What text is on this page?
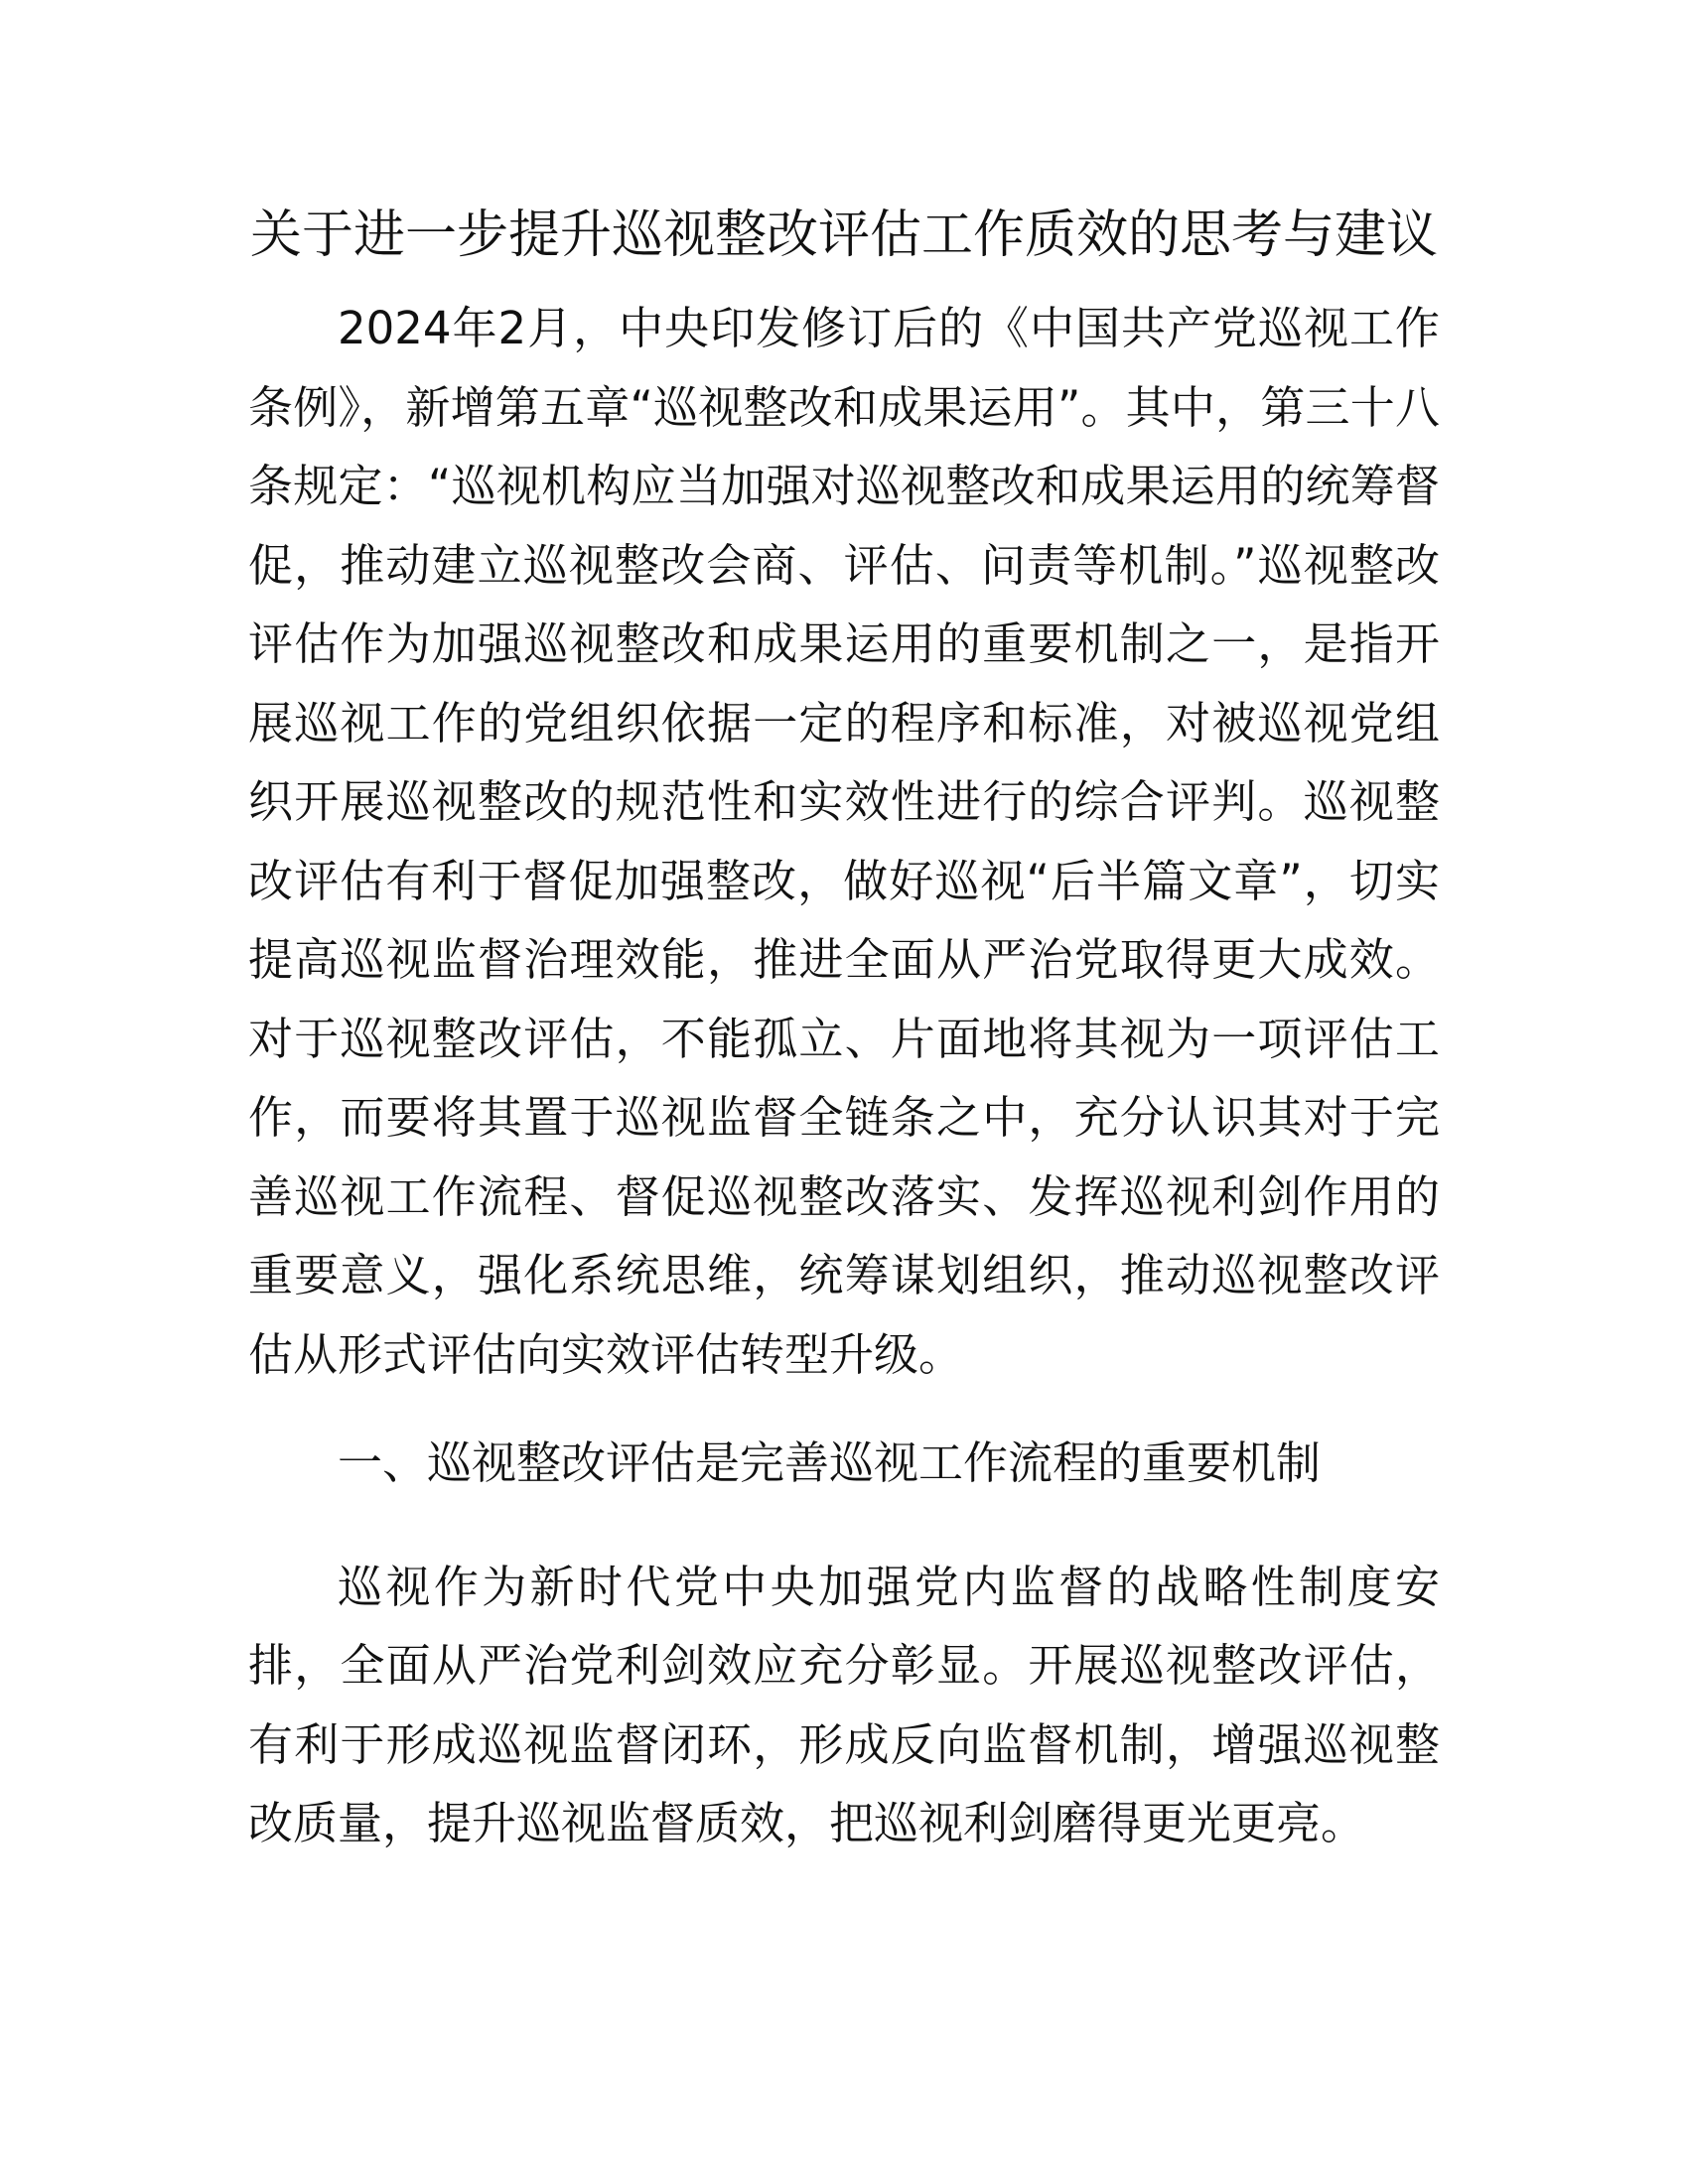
关于进一步提升巡视整改评估工作质效的思考与建议

2024年2月，中央印发修订后的《中国共产党巡视工作条例》，新增第五章“巡视整改和成果运用”。其中，第三十八条规定：“巡视机构应当加强对巡视整改和成果运用的统筹督促，推动建立巡视整改会商、评估、问责等机制。”巡视整改评估作为加强巡视整改和成果运用的重要机制之一，是指开展巡视工作的党组织依据一定的程序和标准，对被巡视党组织开展巡视整改的规范性和实效性进行的综合评判。巡视整改评估有利于督促加强整改，做好巡视“后半篇文章”，切实提高巡视监督治理效能，推进全面从严治党取得更大成效。对于巡视整改评估，不能孤立、片面地将其视为一项评估工作，而要将其置于巡视监督全链条之中，充分认识其对于完善巡视工作流程、督促巡视整改落实、发挥巡视利剑作用的重要意义，强化系统思维，统筹谋划组织，推动巡视整改评估从形式评估向实效评估转型升级。

一、巡视整改评估是完善巡视工作流程的重要机制

巡视作为新时代党中央加强党内监督的战略性制度安排，全面从严治党利剑效应充分彰显。开展巡视整改评估，有利于形成巡视监督闭环，形成反向监督机制，增强巡视整改质量，提升巡视监督质效，把巡视利剑磨得更光更亮。
